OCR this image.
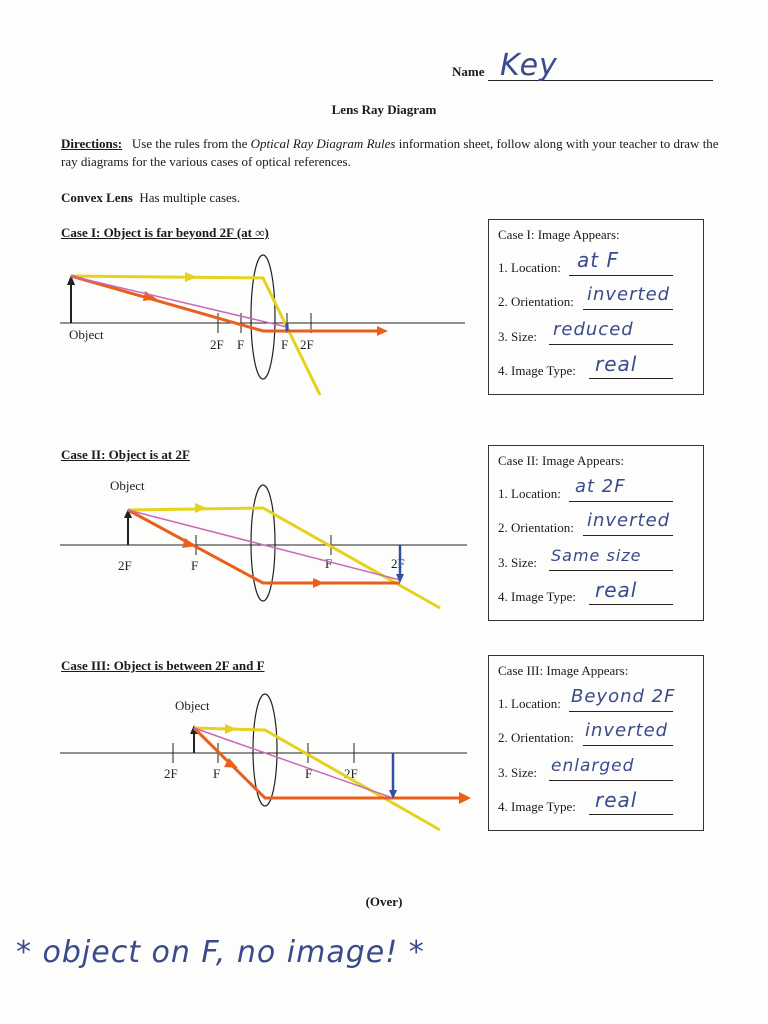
Name Key
Lens Ray Diagram
Directions: Use the rules from the Optical Ray Diagram Rules information sheet, follow along with your teacher to draw the ray diagrams for the various cases of optical references.
Convex Lens Has multiple cases.
Case I: Object is far beyond 2F (at ∞)
Object
2F F	F 2F
Case I: Image Appears:
1. Location: at F
2. Orientation: inverted
3. Size: reduced
4. Image Type: real
Case II: Object is at 2F
Object
2F	F	F	2F
Case II: Image Appears:
1. Location: at 2F
2. Orientation: inverted
3. Size: Same size
4. Image Type: real
Case III: Object is between 2F and F
Object
2F	F	F 2F
Case III: Image Appears:
1. Location: Beyond 2F
2. Orientation: inverted
3. Size: enlarged
4. Image Type: real
(Over)
* object on F, no image! *
